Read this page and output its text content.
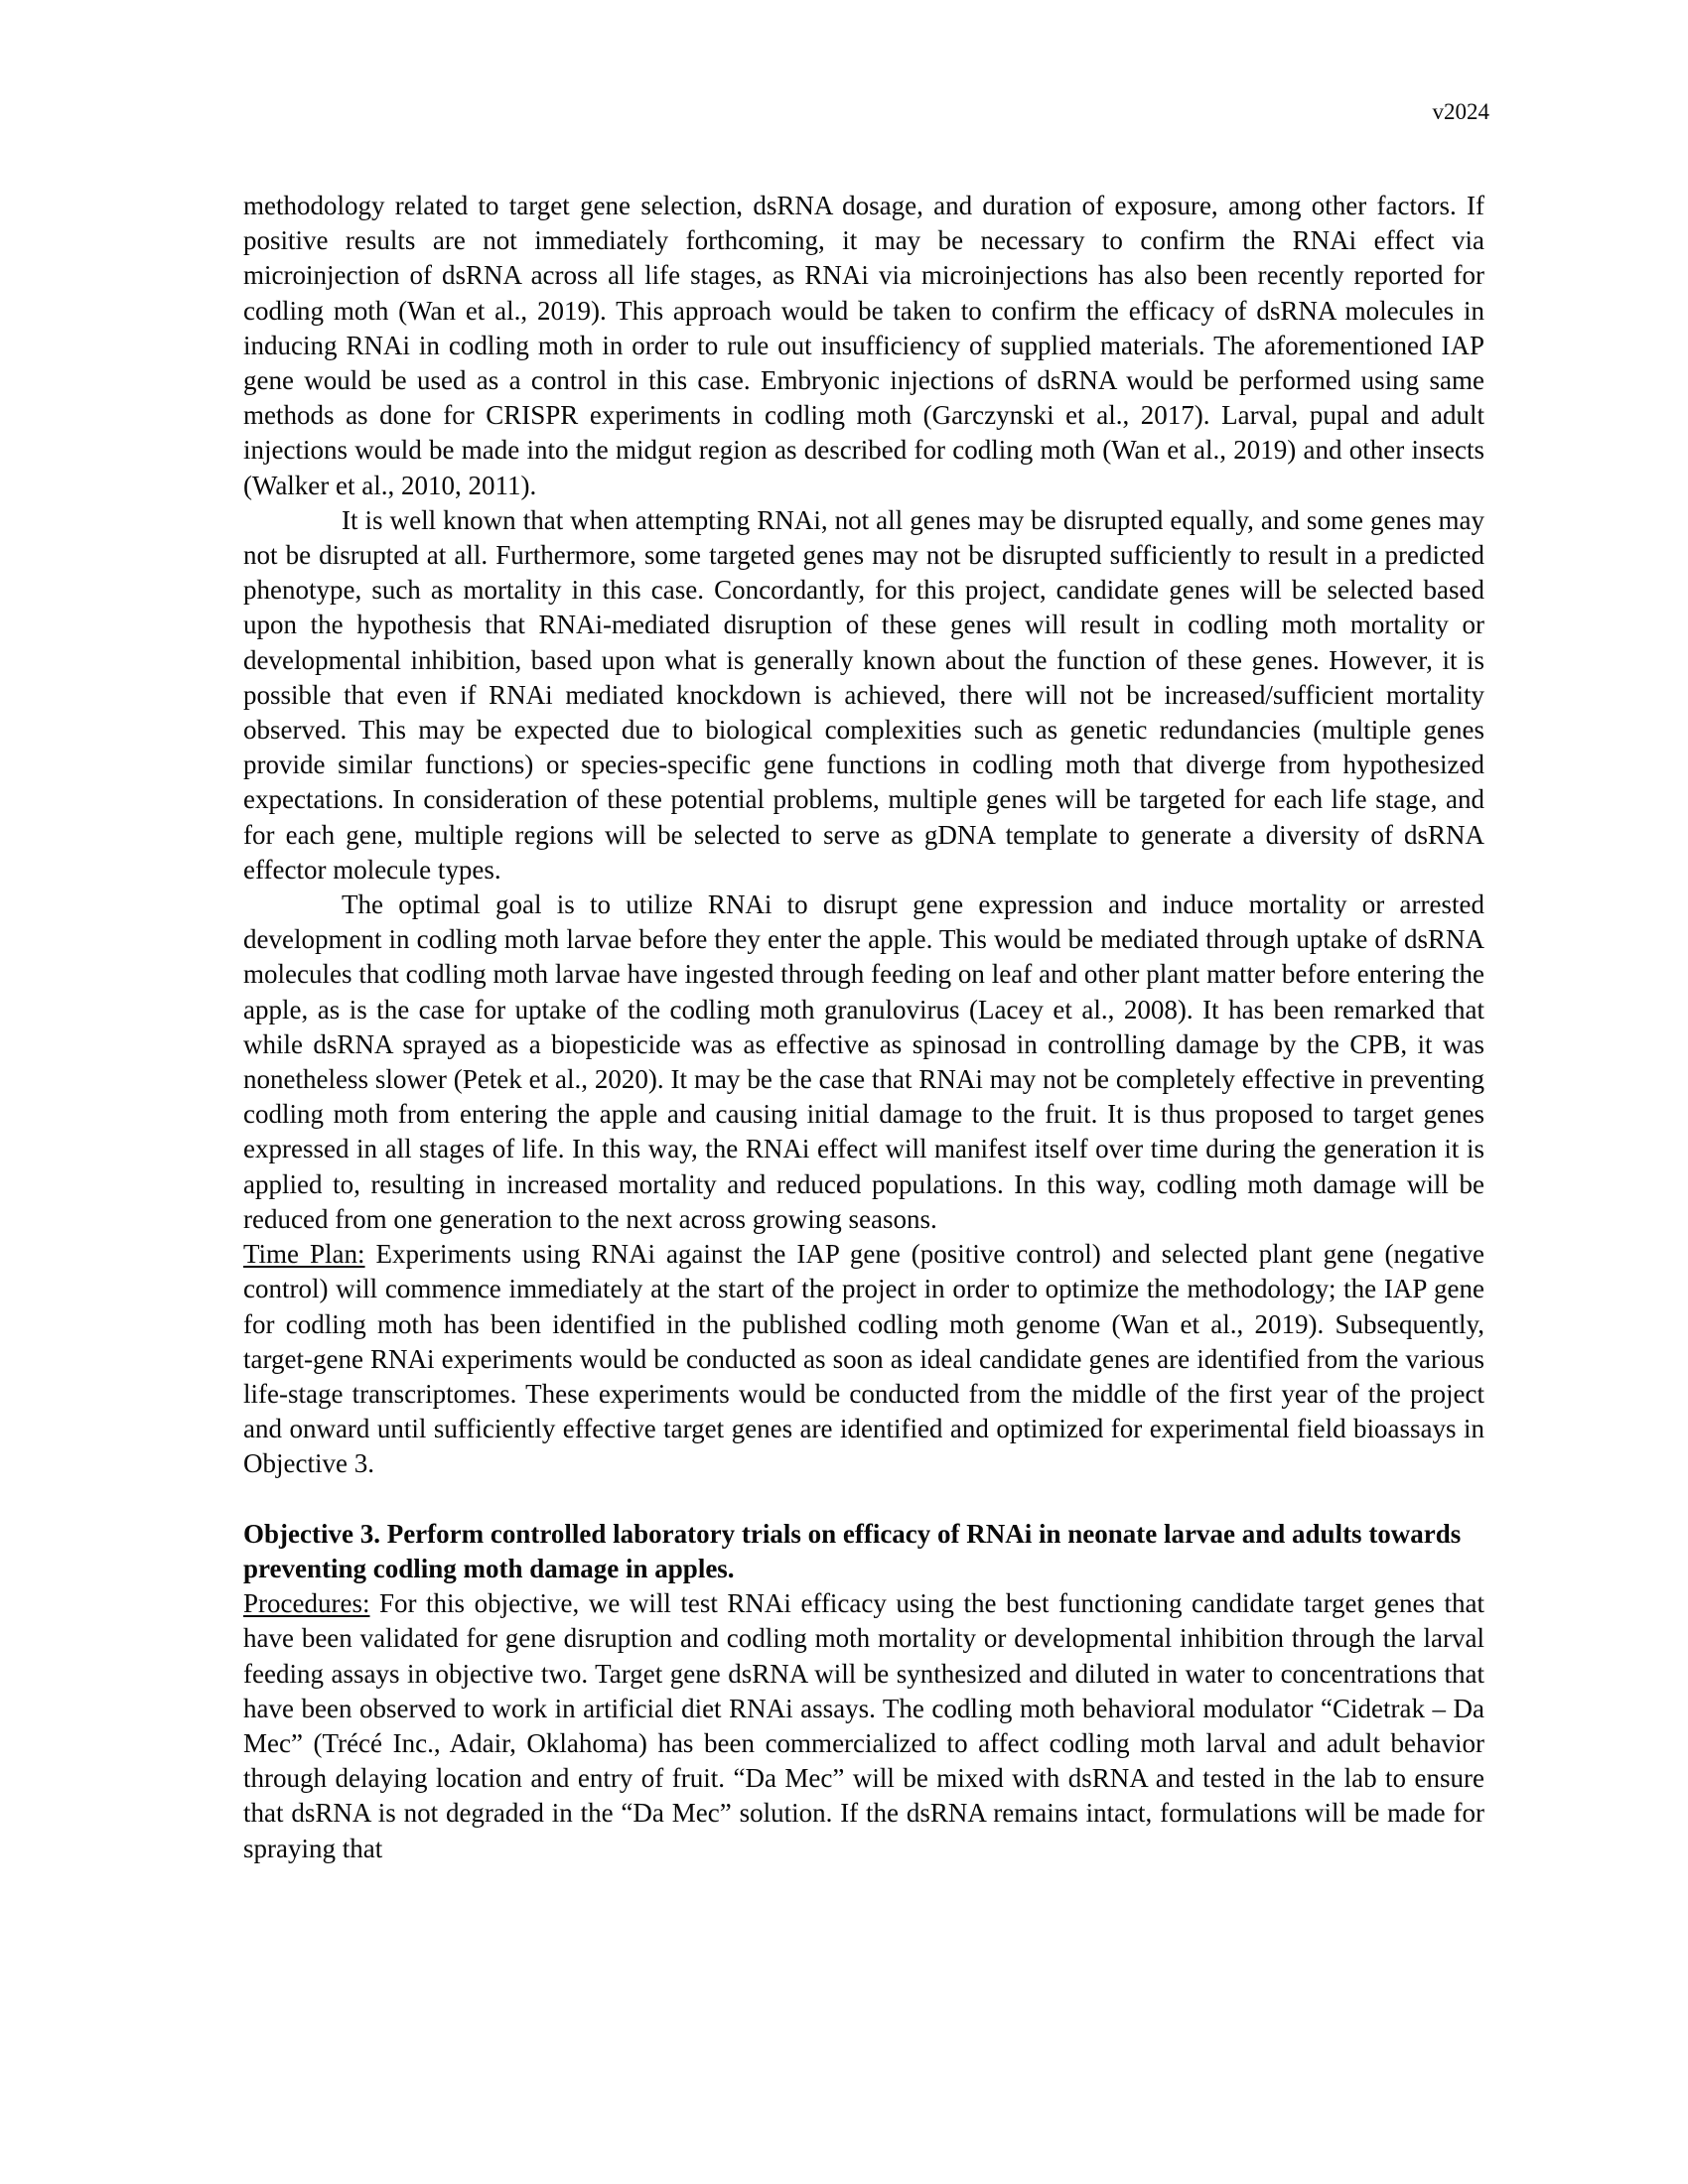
v2024

methodology related to target gene selection, dsRNA dosage, and duration of exposure, among other factors. If positive results are not immediately forthcoming, it may be necessary to confirm the RNAi effect via microinjection of dsRNA across all life stages, as RNAi via microinjections has also been recently reported for codling moth (Wan et al., 2019). This approach would be taken to confirm the efficacy of dsRNA molecules in inducing RNAi in codling moth in order to rule out insufficiency of supplied materials. The aforementioned IAP gene would be used as a control in this case. Embryonic injections of dsRNA would be performed using same methods as done for CRISPR experiments in codling moth (Garczynski et al., 2017). Larval, pupal and adult injections would be made into the midgut region as described for codling moth (Wan et al., 2019) and other insects (Walker et al., 2010, 2011).

It is well known that when attempting RNAi, not all genes may be disrupted equally, and some genes may not be disrupted at all. Furthermore, some targeted genes may not be disrupted sufficiently to result in a predicted phenotype, such as mortality in this case. Concordantly, for this project, candidate genes will be selected based upon the hypothesis that RNAi-mediated disruption of these genes will result in codling moth mortality or developmental inhibition, based upon what is generally known about the function of these genes. However, it is possible that even if RNAi mediated knockdown is achieved, there will not be increased/sufficient mortality observed. This may be expected due to biological complexities such as genetic redundancies (multiple genes provide similar functions) or species-specific gene functions in codling moth that diverge from hypothesized expectations. In consideration of these potential problems, multiple genes will be targeted for each life stage, and for each gene, multiple regions will be selected to serve as gDNA template to generate a diversity of dsRNA effector molecule types.

The optimal goal is to utilize RNAi to disrupt gene expression and induce mortality or arrested development in codling moth larvae before they enter the apple. This would be mediated through uptake of dsRNA molecules that codling moth larvae have ingested through feeding on leaf and other plant matter before entering the apple, as is the case for uptake of the codling moth granulovirus (Lacey et al., 2008). It has been remarked that while dsRNA sprayed as a biopesticide was as effective as spinosad in controlling damage by the CPB, it was nonetheless slower (Petek et al., 2020). It may be the case that RNAi may not be completely effective in preventing codling moth from entering the apple and causing initial damage to the fruit. It is thus proposed to target genes expressed in all stages of life. In this way, the RNAi effect will manifest itself over time during the generation it is applied to, resulting in increased mortality and reduced populations. In this way, codling moth damage will be reduced from one generation to the next across growing seasons.

Time Plan: Experiments using RNAi against the IAP gene (positive control) and selected plant gene (negative control) will commence immediately at the start of the project in order to optimize the methodology; the IAP gene for codling moth has been identified in the published codling moth genome (Wan et al., 2019). Subsequently, target-gene RNAi experiments would be conducted as soon as ideal candidate genes are identified from the various life-stage transcriptomes. These experiments would be conducted from the middle of the first year of the project and onward until sufficiently effective target genes are identified and optimized for experimental field bioassays in Objective 3.

Objective 3. Perform controlled laboratory trials on efficacy of RNAi in neonate larvae and adults towards preventing codling moth damage in apples.

Procedures: For this objective, we will test RNAi efficacy using the best functioning candidate target genes that have been validated for gene disruption and codling moth mortality or developmental inhibition through the larval feeding assays in objective two. Target gene dsRNA will be synthesized and diluted in water to concentrations that have been observed to work in artificial diet RNAi assays. The codling moth behavioral modulator “Cidetrak – Da Mec” (Trécé Inc., Adair, Oklahoma) has been commercialized to affect codling moth larval and adult behavior through delaying location and entry of fruit. “Da Mec” will be mixed with dsRNA and tested in the lab to ensure that dsRNA is not degraded in the “Da Mec” solution. If the dsRNA remains intact, formulations will be made for spraying that
